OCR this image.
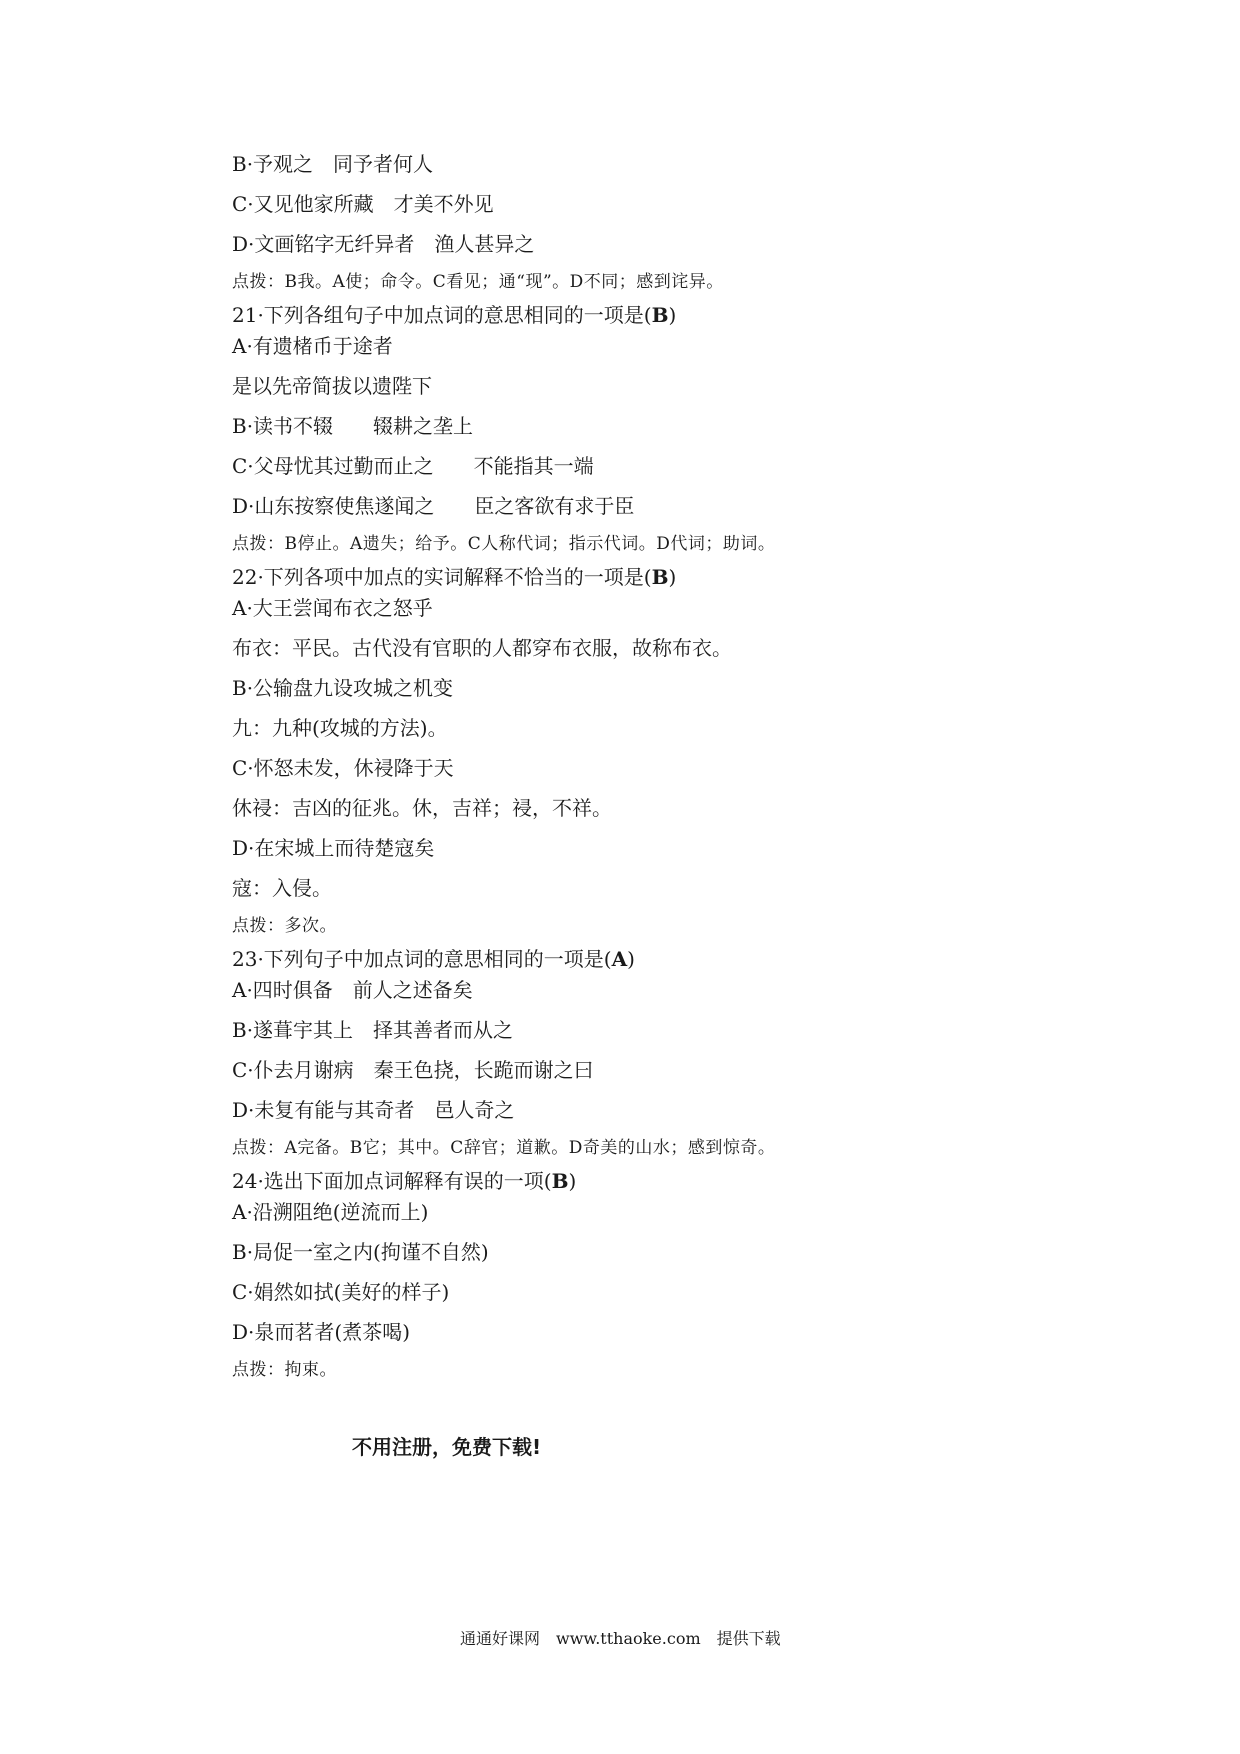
B·予观之　同予者何人
C·又见他家所藏　才美不外见
D·文画铭字无纤异者　渔人甚异之
点拨：B我。A使；命令。C看见；通“现”。D不同；感到诧异。
21·下列各组句子中加点词的意思相同的一项是(B)
A·有遗楮币于途者
是以先帝简拔以遗陛下
B·读书不辍　　辍耕之垄上
C·父母忧其过勤而止之　　不能指其一端
D·山东按察使焦遂闻之　　臣之客欲有求于臣
点拨：B停止。A遗失；给予。C人称代词；指示代词。D代词；助词。
22·下列各项中加点的实词解释不恰当的一项是(B)
A·大王尝闻布衣之怒乎
布衣：平民。古代没有官职的人都穿布衣服，故称布衣。
B·公输盘九设攻城之机变
九：九种(攻城的方法)。
C·怀怒未发，休祲降于天
休祲：吉凶的征兆。休，吉祥；祲，不祥。
D·在宋城上而待楚寇矣
寇：入侵。
点拨：多次。
23·下列句子中加点词的意思相同的一项是(A)
A·四时俱备　前人之述备矣
B·遂葺宇其上　择其善者而从之
C·仆去月谢病　秦王色挠，长跪而谢之曰
D·未复有能与其奇者　邑人奇之
点拨：A完备。B它；其中。C辞官；道歉。D奇美的山水；感到惊奇。
24·选出下面加点词解释有误的一项(B)
A·沿溯阻绝(逆流而上)
B·局促一室之内(拘谨不自然)
C·娟然如拭(美好的样子)
D·泉而茗者(煮茶喝)
点拨：拘束。
不用注册，免费下载!
通通好课网　www.tthaoke.com　提供下载
